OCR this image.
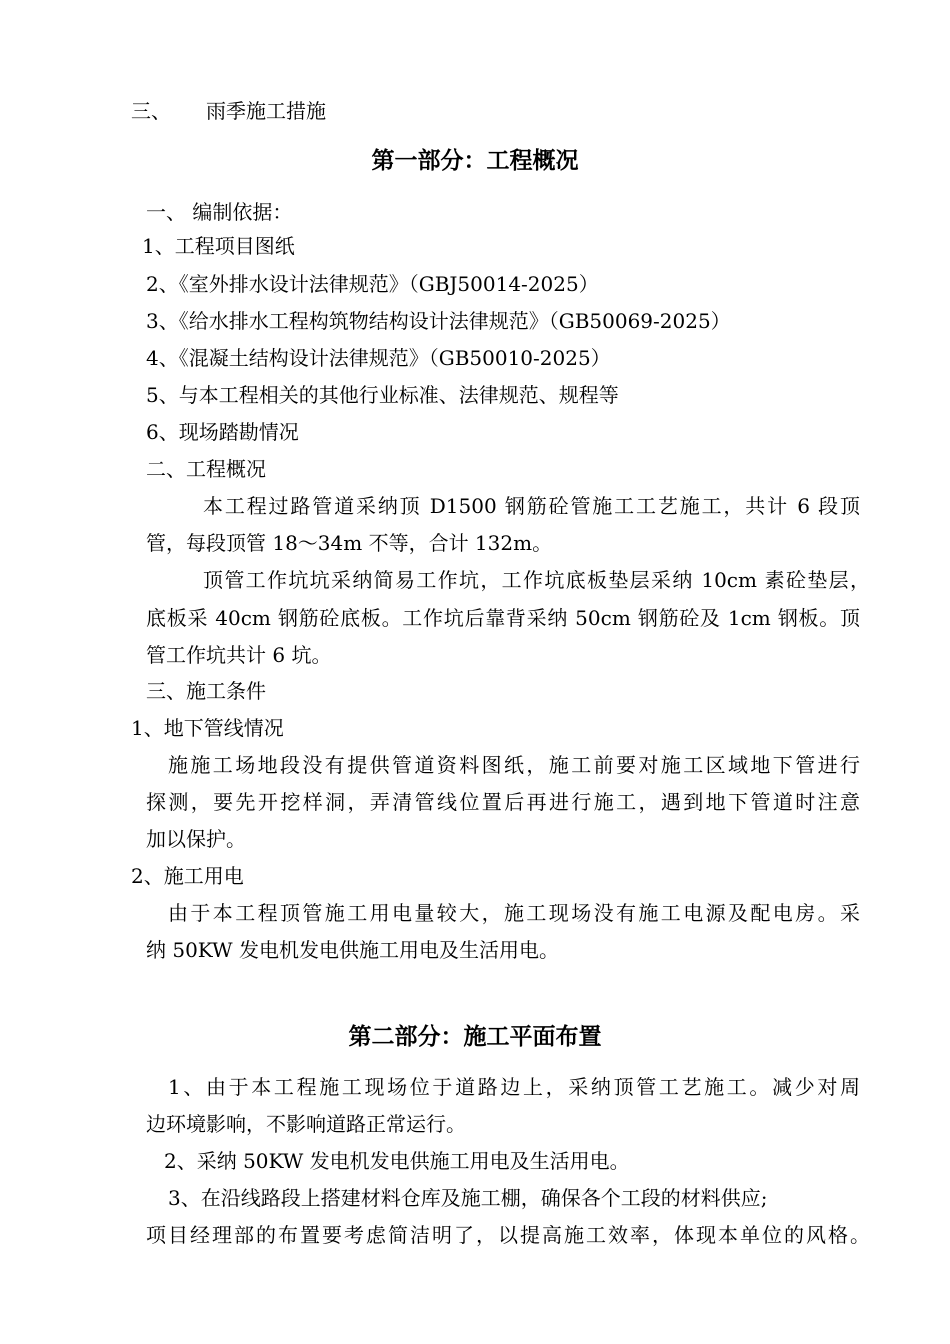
三、 雨季施工措施

第一部分：工程概况

一、 编制依据：

1、工程项目图纸

2、《室外排水设计法律规范》（GBJ50014-2025）

3、《给水排水工程构筑物结构设计法律规范》（GB50069-2025）

4、《混凝土结构设计法律规范》（GB50010-2025）

5、与本工程相关的其他行业标准、法律规范、规程等

6、现场踏勘情况

二、工程概况

本工程过路管道采纳顶 D1500 钢筋砼管施工工艺施工，共计 6 段顶

管，每段顶管 18～34m 不等，合计 132m。

顶管工作坑坑采纳简易工作坑，工作坑底板垫层采纳 10cm 素砼垫层，

底板采 40cm 钢筋砼底板。工作坑后靠背采纳 50cm 钢筋砼及 1cm 钢板。顶

管工作坑共计 6 坑。

三、施工条件

1、地下管线情况

施施工场地段没有提供管道资料图纸，施工前要对施工区域地下管进行

探测，要先开挖样洞，弄清管线位置后再进行施工，遇到地下管道时注意

加以保护。

2、施工用电

由于本工程顶管施工用电量较大，施工现场没有施工电源及配电房。采

纳 50KW 发电机发电供施工用电及生活用电。

第二部分：施工平面布置

1、由于本工程施工现场位于道路边上，采纳顶管工艺施工。减少对周

边环境影响，不影响道路正常运行。

2、采纳 50KW 发电机发电供施工用电及生活用电。

3、在沿线路段上搭建材料仓库及施工棚，确保各个工段的材料供应;

项目经理部的布置要考虑简洁明了，以提高施工效率，体现本单位的风格。
